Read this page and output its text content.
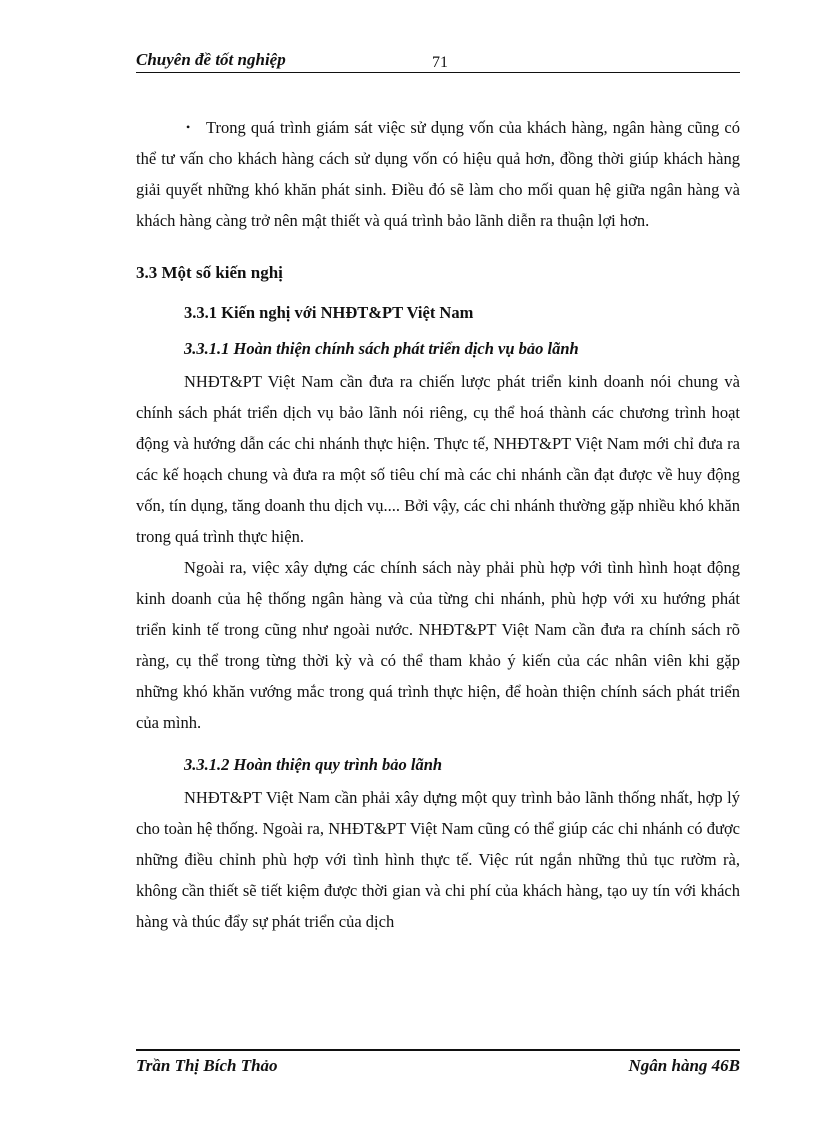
Chuyên đề tốt nghiệp	71

• Trong quá trình giám sát việc sử dụng vốn của khách hàng, ngân hàng cũng có thể tư vấn cho khách hàng cách sử dụng vốn có hiệu quả hơn, đồng thời giúp khách hàng giải quyết những khó khăn phát sinh. Điều đó sẽ làm cho mối quan hệ giữa ngân hàng và khách hàng càng trở nên mật thiết và quá trình bảo lãnh diễn ra thuận lợi hơn.

3.3 Một số kiến nghị
3.3.1 Kiến nghị với NHĐT&PT Việt Nam
3.3.1.1 Hoàn thiện chính sách phát triển dịch vụ bảo lãnh

NHĐT&PT Việt Nam cần đưa ra chiến lược phát triển kinh doanh nói chung và chính sách phát triển dịch vụ bảo lãnh nói riêng, cụ thể hoá thành các chương trình hoạt động và hướng dẫn các chi nhánh thực hiện. Thực tế, NHĐT&PT Việt Nam mới chỉ đưa ra các kế hoạch chung và đưa ra một số tiêu chí mà các chi nhánh cần đạt được về huy động vốn, tín dụng, tăng doanh thu dịch vụ.... Bởi vậy, các chi nhánh thường gặp nhiều khó khăn trong quá trình thực hiện.

Ngoài ra, việc xây dựng các chính sách này phải phù hợp với tình hình hoạt động kinh doanh của hệ thống ngân hàng và của từng chi nhánh, phù hợp với xu hướng phát triển kinh tế trong cũng như ngoài nước. NHĐT&PT Việt Nam cần đưa ra chính sách rõ ràng, cụ thể trong từng thời kỳ và có thể tham khảo ý kiến của các nhân viên khi gặp những khó khăn vướng mắc trong quá trình thực hiện, để hoàn thiện chính sách phát triển của mình.

3.3.1.2 Hoàn thiện quy trình bảo lãnh

NHĐT&PT Việt Nam cần phải xây dựng một quy trình bảo lãnh thống nhất, hợp lý cho toàn hệ thống. Ngoài ra, NHĐT&PT Việt Nam cũng có thể giúp các chi nhánh có được những điều chỉnh phù hợp với tình hình thực tế. Việc rút ngắn những thủ tục rườm rà, không cần thiết sẽ tiết kiệm được thời gian và chi phí của khách hàng, tạo uy tín với khách hàng và thúc đẩy sự phát triển của dịch

Trần Thị Bích Thảo	Ngân hàng 46B
